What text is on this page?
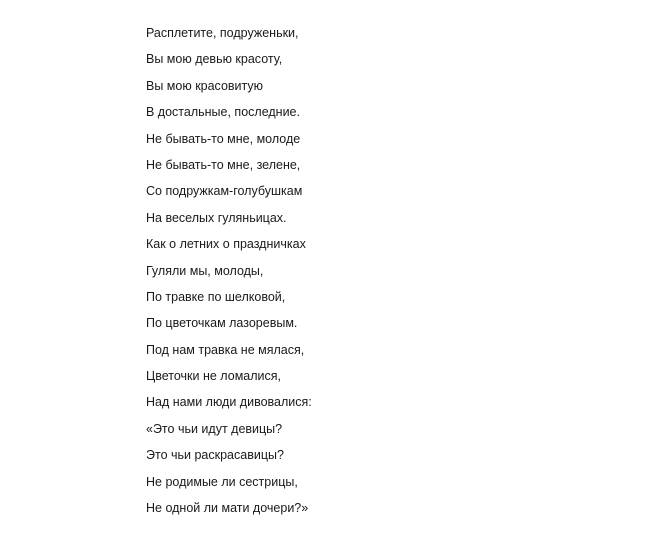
Расплетите, подруженьки,
Вы мою девью красоту,
Вы мою красовитую
В достальные, последние.
Не бывать-то мне, молоде
Не бывать-то мне, зелене,
Со подружкам-голубушкам
На веселых гуляньицах.
Как о летних о праздничках
Гуляли мы, молоды,
По травке по шелковой,
По цветочкам лазоревым.
Под нам травка не мялася,
Цветочки не ломалися,
Над нами люди дивовалися:
«Это чьи идут девицы?
Это чьи раскрасавицы?
Не родимые ли сестрицы,
Не одной ли мати дочери?»
